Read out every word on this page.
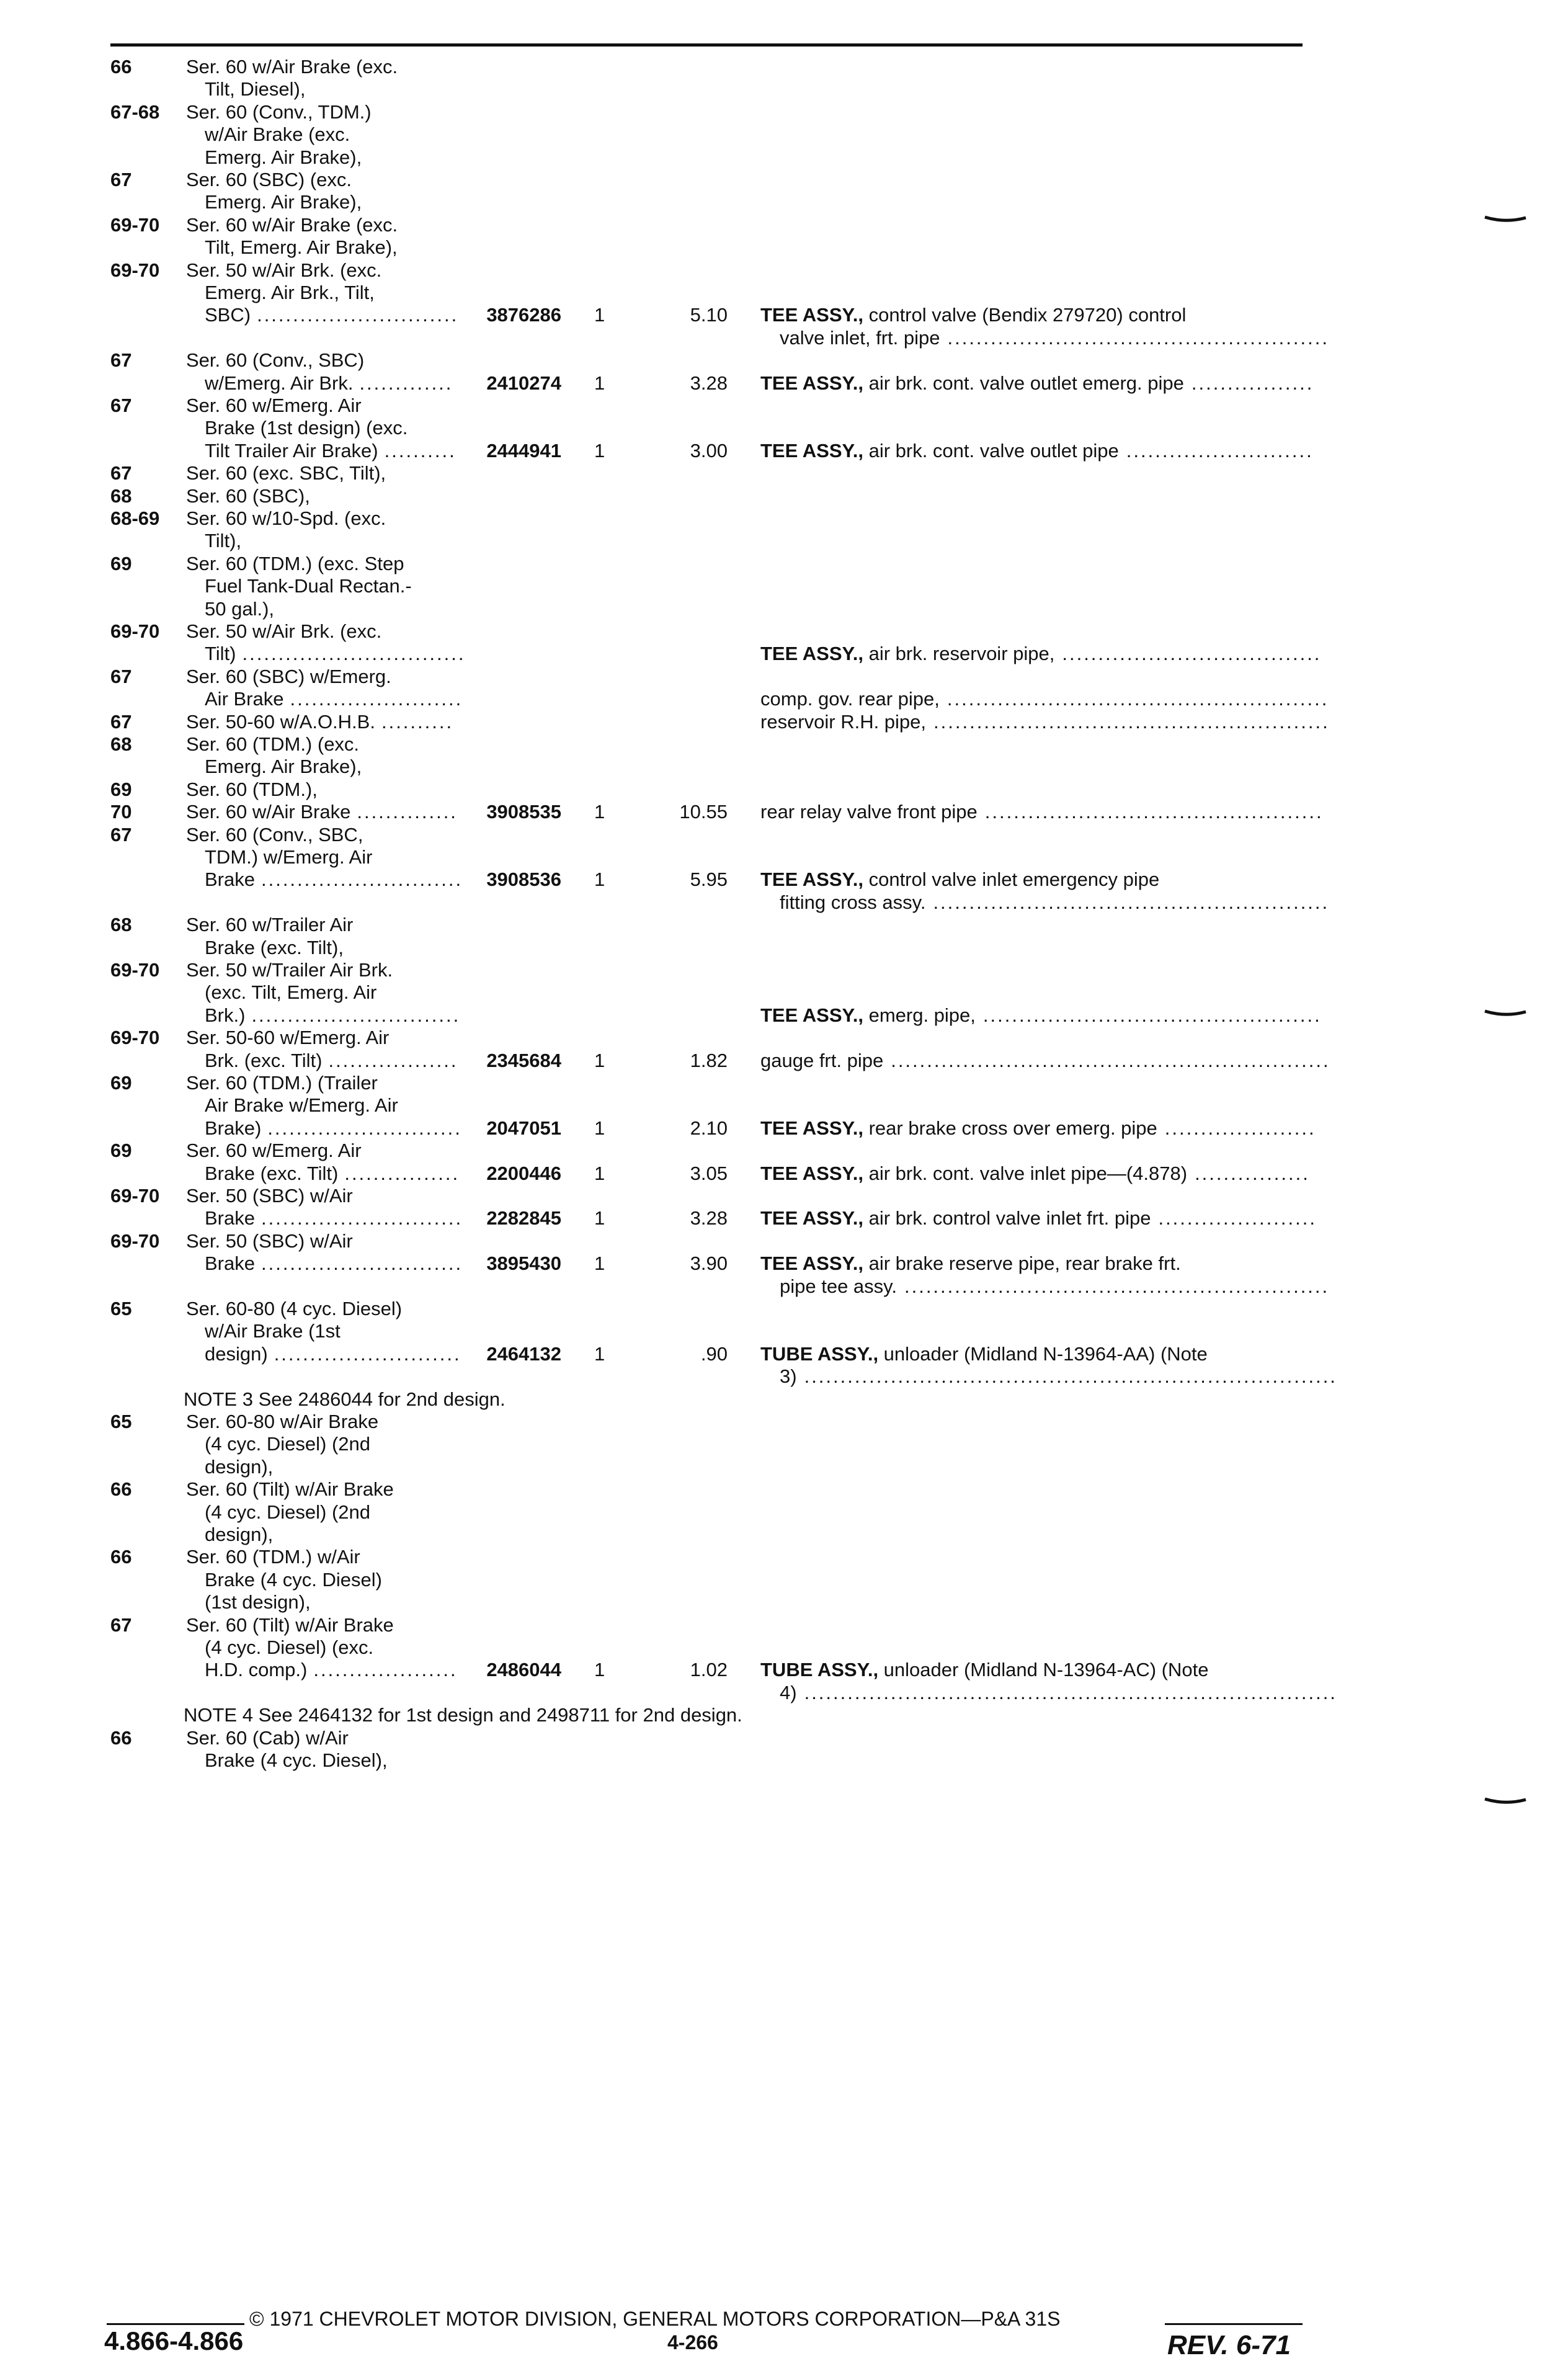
66	Ser. 60 w/Air Brake (exc.
Tilt, Diesel),
67-68 Ser. 60 (Conv., TDM.)
w/Air Brake (exc.
Emerg. Air Brake),
67	Ser. 60 (SBC) (exc.
Emerg. Air Brake),
69-70 Ser. 60 w/Air Brake (exc.
Tilt, Emerg. Air Brake),
69-70 Ser. 50 w/Air Brk. (exc.
Emerg. Air Brk., Tilt,
SBC) ............................ 3876286 1	5.10 TEE ASSY., control valve (Bendix 279720) control
valve inlet, frt. pipe .....................................................
67	Ser. 60 (Conv., SBC)
w/Emerg. Air Brk. ............. 2410274 1	3.28 TEE ASSY., air brk. cont. valve outlet emerg. pipe .................
67	Ser. 60 w/Emerg. Air
Brake (1st design) (exc.
Tilt Trailer Air Brake) .......... 2444941 1	3.00 TEE ASSY., air brk. cont. valve outlet pipe ..........................
67	Ser. 60 (exc. SBC, Tilt),
68	Ser. 60 (SBC),
68-69 Ser. 60 w/10-Spd. (exc.
Tilt),
69	Ser. 60 (TDM.) (exc. Step
Fuel Tank-Dual Rectan.-
50 gal.),
69-70 Ser. 50 w/Air Brk. (exc.
Tilt) ...............................	TEE ASSY., air brk. reservoir pipe, ....................................
67	Ser. 60 (SBC) w/Emerg.
Air Brake ........................	comp. gov. rear pipe, .....................................................
67	Ser. 50-60 w/A.O.H.B. ..........	reservoir R.H. pipe, .......................................................
68	Ser. 60 (TDM.) (exc.
Emerg. Air Brake),
69	Ser. 60 (TDM.),
70	Ser. 60 w/Air Brake .............. 3908535 1	10.55 rear relay valve front pipe ...............................................
67	Ser. 60 (Conv., SBC,
TDM.) w/Emerg. Air
Brake ............................ 3908536 1	5.95 TEE ASSY., control valve inlet emergency pipe
fitting cross assy. .......................................................
68	Ser. 60 w/Trailer Air
Brake (exc. Tilt),
69-70 Ser. 50 w/Trailer Air Brk.
(exc. Tilt, Emerg. Air
Brk.) .............................	TEE ASSY., emerg. pipe, ...............................................
69-70 Ser. 50-60 w/Emerg. Air
Brk. (exc. Tilt) .................. 2345684 1	1.82 gauge frt. pipe .............................................................
69	Ser. 60 (TDM.) (Trailer
Air Brake w/Emerg. Air
Brake) ........................... 2047051 1	2.10 TEE ASSY., rear brake cross over emerg. pipe .....................
69	Ser. 60 w/Emerg. Air
Brake (exc. Tilt) ................ 2200446 1	3.05 TEE ASSY., air brk. cont. valve inlet pipe—(4.878) ................
69-70 Ser. 50 (SBC) w/Air
Brake ............................ 2282845 1	3.28 TEE ASSY., air brk. control valve inlet frt. pipe ......................
69-70 Ser. 50 (SBC) w/Air
Brake ............................ 3895430 1	3.90 TEE ASSY., air brake reserve pipe, rear brake frt.
pipe tee assy. ...........................................................
65	Ser. 60-80 (4 cyc. Diesel)
w/Air Brake (1st
design) .......................... 2464132 1	.90 TUBE ASSY., unloader (Midland N-13964-AA) (Note
3) ..........................................................................
NOTE 3 See 2486044 for 2nd design.
65	Ser. 60-80 w/Air Brake
(4 cyc. Diesel) (2nd
design),
66	Ser. 60 (Tilt) w/Air Brake
(4 cyc. Diesel) (2nd
design),
66	Ser. 60 (TDM.) w/Air
Brake (4 cyc. Diesel)
(1st design),
67	Ser. 60 (Tilt) w/Air Brake
(4 cyc. Diesel) (exc.
H.D. comp.) .................... 2486044 1	1.02 TUBE ASSY., unloader (Midland N-13964-AC) (Note
4) ..........................................................................
NOTE 4 See 2464132 for 1st design and 2498711 for 2nd design.
66	Ser. 60 (Cab) w/Air
Brake (4 cyc. Diesel),
© 1971 CHEVROLET MOTOR DIVISION, GENERAL MOTORS CORPORATION—P&A 31S
4.866-4.866	4-266	REV. 6-71
